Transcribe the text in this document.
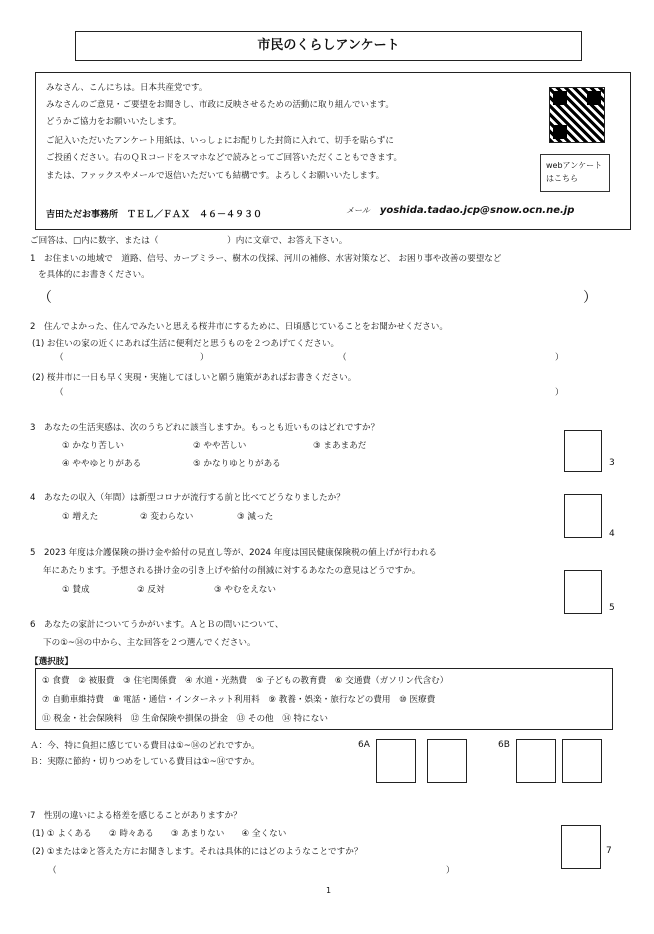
市民のくらしアンケート
みなさん、こんにちは。日本共産党です。
みなさんのご意見・ご要望をお聞きし、市政に反映させるための活動に取り組んでいます。
どうかご協力をお願いいたします。
ご記入いただいたアンケート用紙は、いっしょにお配りした封筒に入れて、切手を貼らずに
ご投函ください。右のＱＲコードをスマホなどで読みとってご回答いただくこともできます。
または、ファックスやメールで返信いただいても結構です。よろしくお願いいたします。
webアンケート はこちら
吉田ただお事務所　ＴＥＬ／ＦＡＸ　４６－４９３０	メール yoshida.tadao.jcp@snow.ocn.ne.jp
ご回答は、□内に数字、または（　　　　　　　　）内に文章で、お答え下さい。
1　お住まいの地域で　道路、信号、カーブミラー、樹木の伐採、河川の補修、水害対策など、 お困り事や改善の要望など
を具体的にお書きください。
（	）
2　住んでよかった、住んでみたいと思える桜井市にするために、日頃感じていることをお聞かせください。
(1) お住いの家の近くにあれば生活に便利だと思うものを２つあげてください。
（	）	（	）
(2) 桜井市に一日も早く実現・実施してほしいと願う施策があればお書きください。
（	）
3　あなたの生活実感は、次のうちどれに該当しますか。もっとも近いものはどれですか？
① かなり苦しい	② やや苦しい	③ まあまあだ
④ ややゆとりがある	⑤ かなりゆとりがある	3
4　あなたの収入（年間）は新型コロナが流行する前と比べてどうなりましたか？
① 増えた	② 変わらない	③ 減った
4
5　2023 年度は介護保険の掛け金や給付の見直し等が、2024 年度は国民健康保険税の値上げが行われる
年にあたります。予想される掛け金の引き上げや給付の削減に対するあなたの意見はどうですか。
① 賛成	② 反対	③ やむをえない
5
6　あなたの家計についてうかがいます。ＡとＢの問いについて、
下の①~⑭の中から、主な回答を２つ選んでください。
【選択肢】
① 食費　② 被服費　③ 住宅関係費　④ 水道・光熱費　⑤ 子どもの教育費　⑥ 交通費（ガソリン代含む）
⑦ 自動車維持費　⑧ 電話・通信・インターネット利用料　⑨ 教養・娯楽・旅行などの費用　⑩ 医療費
⑪ 税金・社会保険料　⑫ 生命保険や損保の掛金　⑬ その他　⑭ 特にない
Ａ：今、特に負担に感じている費目は①~⑭のどれですか。
Ｂ：実際に節約・切りつめをしている費目は①~⑭ですか。
6A	6B
7　性別の違いによる格差を感じることがありますか？
(1) ① よくある　　② 時々ある　　③ あまりない　　④ 全くない
(2) ①または②と答えた方にお聞きします。それは具体的にはどのようなことですか？
（	）
7
1
